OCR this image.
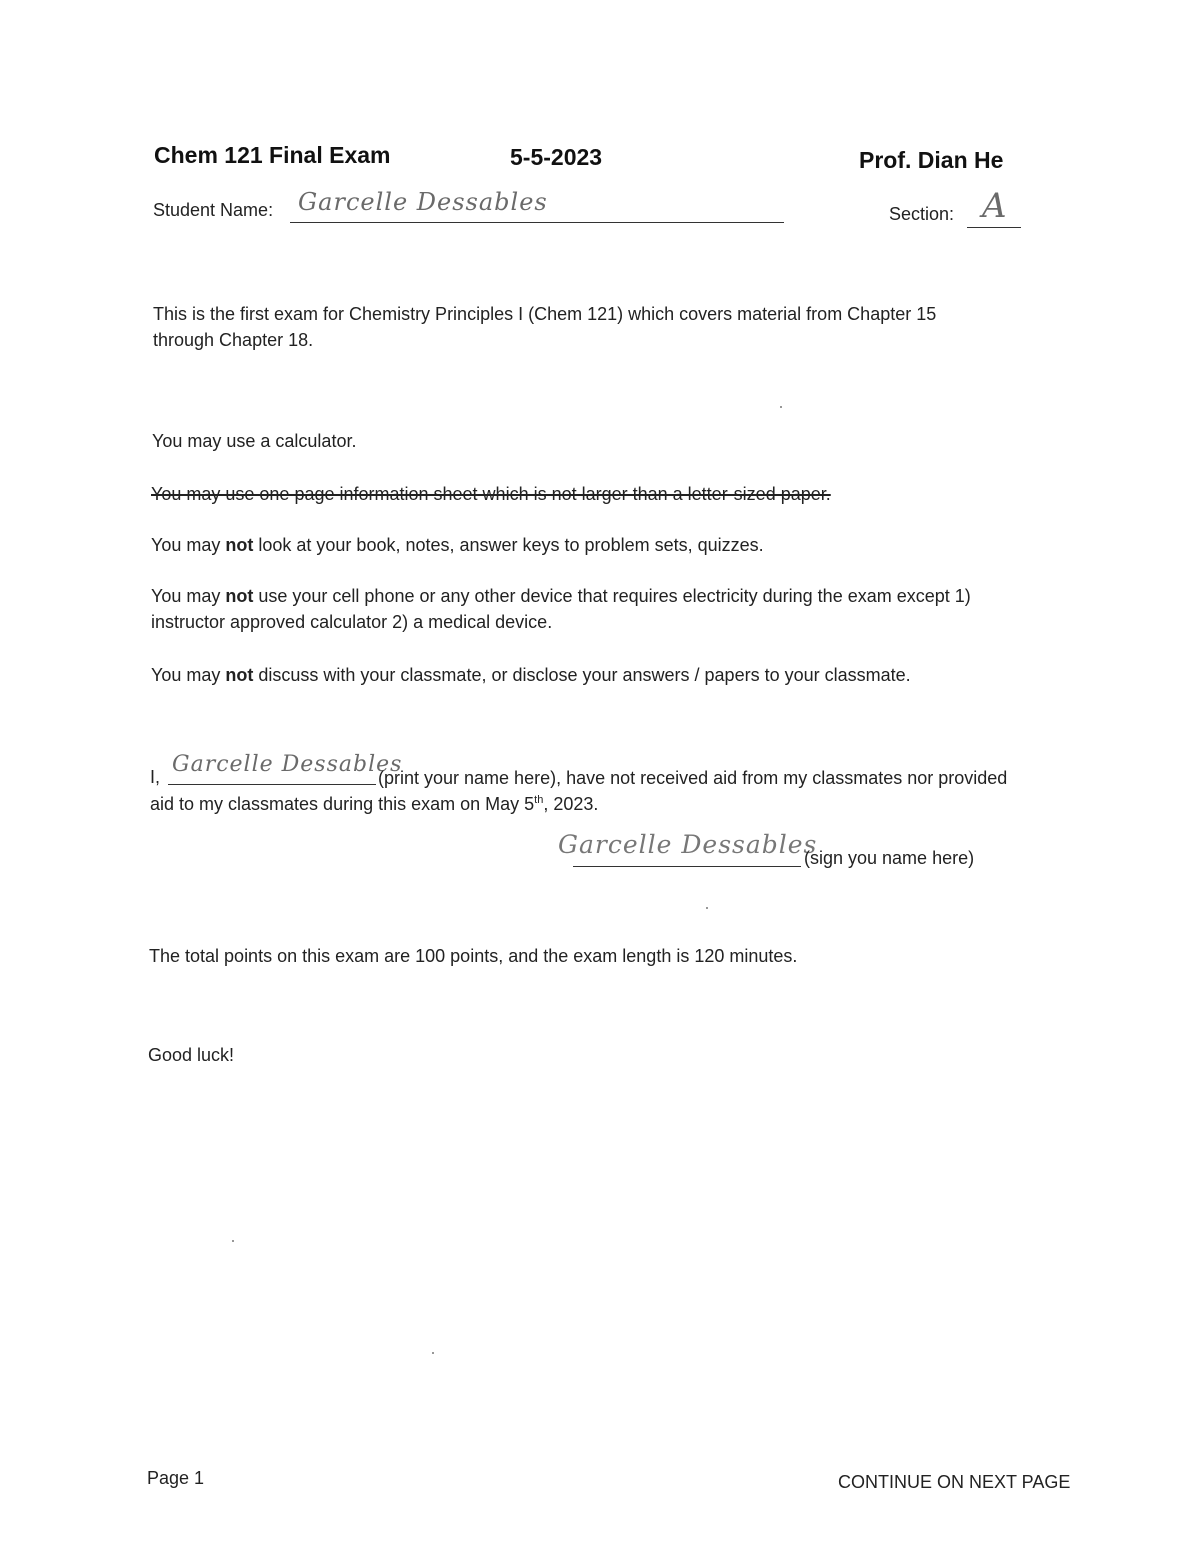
Chem 121 Final Exam	5-5-2023	Prof. Dian He
Student Name: Garcelle Dessables	Section: A
This is the first exam for Chemistry Principles I (Chem 121) which covers material from Chapter 15
through Chapter 18.
You may use a calculator.
You may use one page information sheet which is not larger than a letter-sized paper.
You may not look at your book, notes, answer keys to problem sets, quizzes.
You may not use your cell phone or any other device that requires electricity during the exam except 1)
instructor approved calculator 2) a medical device.
You may not discuss with your classmate, or disclose your answers / papers to your classmate.
I, Garcelle Dessables
(print your name here), have not received aid from my classmates nor provided
aid to my classmates during this exam on May 5th, 2023.
Garcelle Dessables
(sign you name here)
The total points on this exam are 100 points, and the exam length is 120 minutes.
Good luck!
Page 1	CONTINUE ON NEXT PAGE
